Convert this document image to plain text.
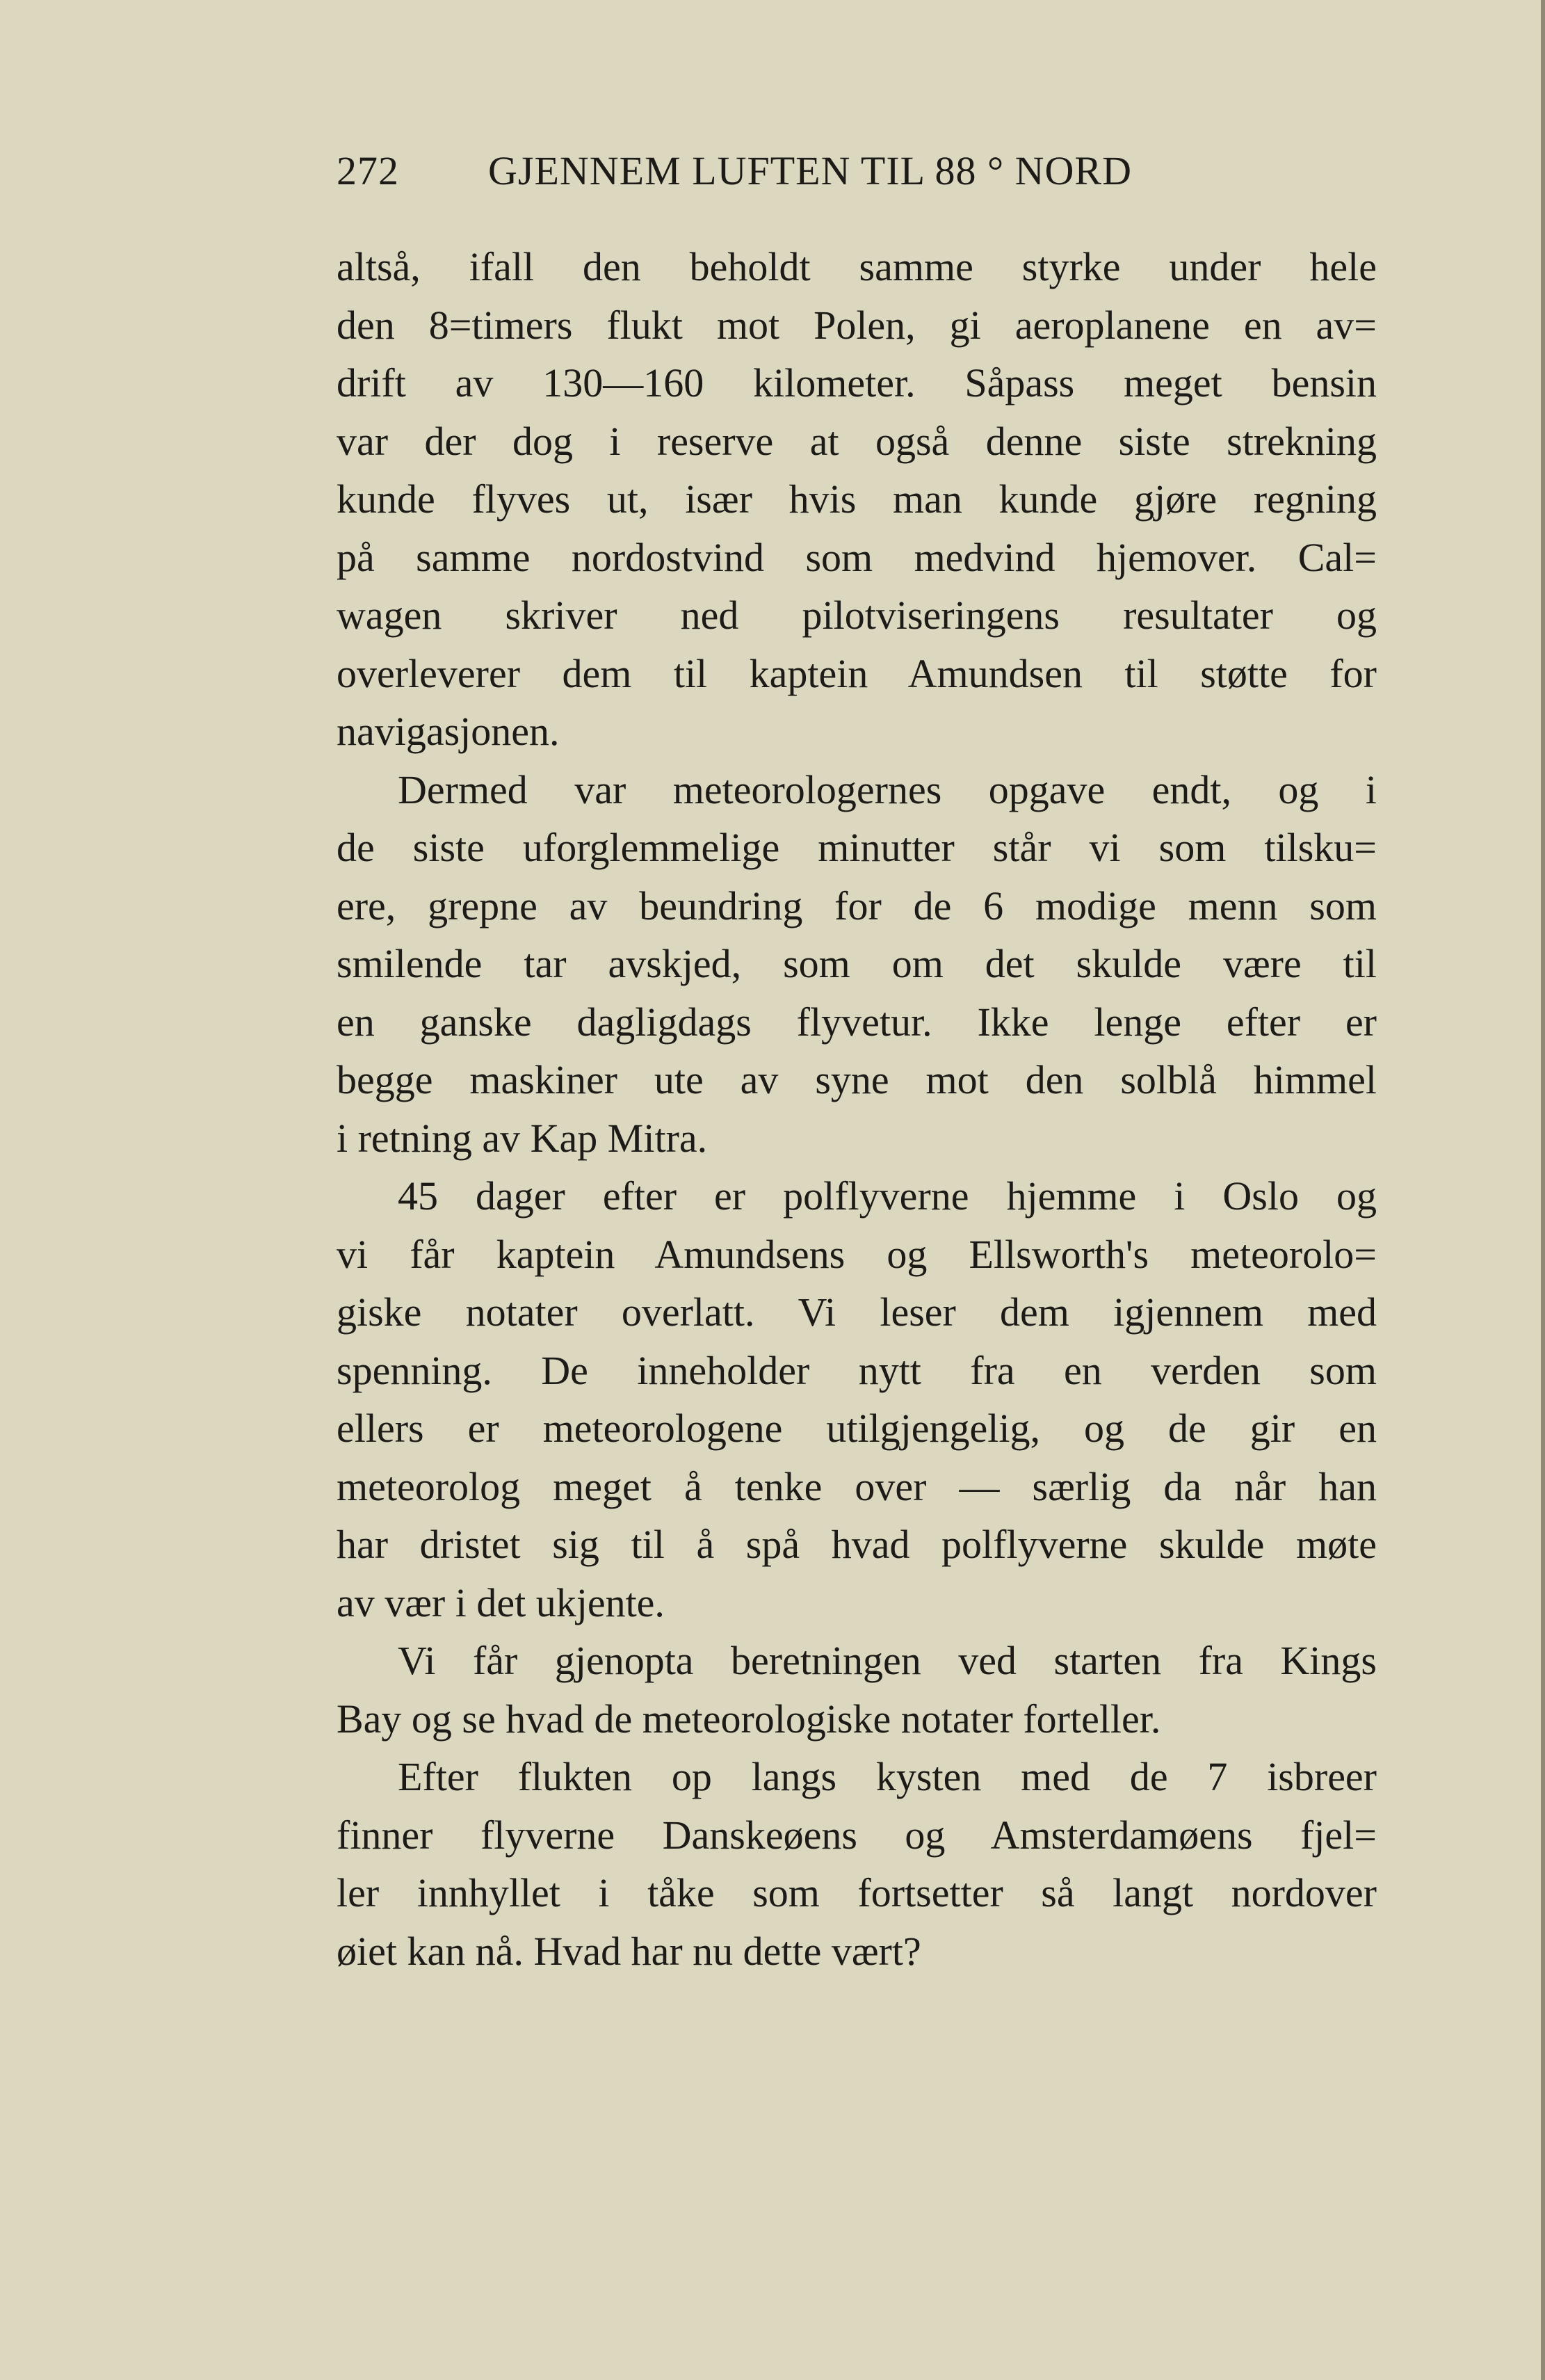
272 GJENNEM LUFTEN TIL 88 ° NORD
altså, ifall den beholdt samme styrke under hele
den 8=timers flukt mot Polen, gi aeroplanene en av=
drift av 130—160 kilometer. Såpass meget bensin
var der dog i reserve at også denne siste strekning
kunde flyves ut, især hvis man kunde gjøre regning
på samme nordostvind som medvind hjemover. Cal=
wagen skriver ned pilotviseringens resultater og
overleverer dem til kaptein Amundsen til støtte for
navigasjonen.
Dermed var meteorologernes opgave endt, og i
de siste uforglemmelige minutter står vi som tilsku=
ere, grepne av beundring for de 6 modige menn som
smilende tar avskjed, som om det skulde være til
en ganske dagligdags flyvetur. Ikke lenge efter er
begge maskiner ute av syne mot den solblå himmel
i retning av Kap Mitra.
45 dager efter er polflyverne hjemme i Oslo og
vi får kaptein Amundsens og Ellsworth's meteorolo=
giske notater overlatt. Vi leser dem igjennem med
spenning. De inneholder nytt fra en verden som
ellers er meteorologene utilgjengelig, og de gir en
meteorolog meget å tenke over — særlig da når han
har dristet sig til å spå hvad polflyverne skulde møte
av vær i det ukjente.
Vi får gjenopta beretningen ved starten fra Kings
Bay og se hvad de meteorologiske notater forteller.
Efter flukten op langs kysten med de 7 isbreer
finner flyverne Danskeøens og Amsterdamøens fjel=
ler innhyllet i tåke som fortsetter så langt nordover
øiet kan nå. Hvad har nu dette vært?
